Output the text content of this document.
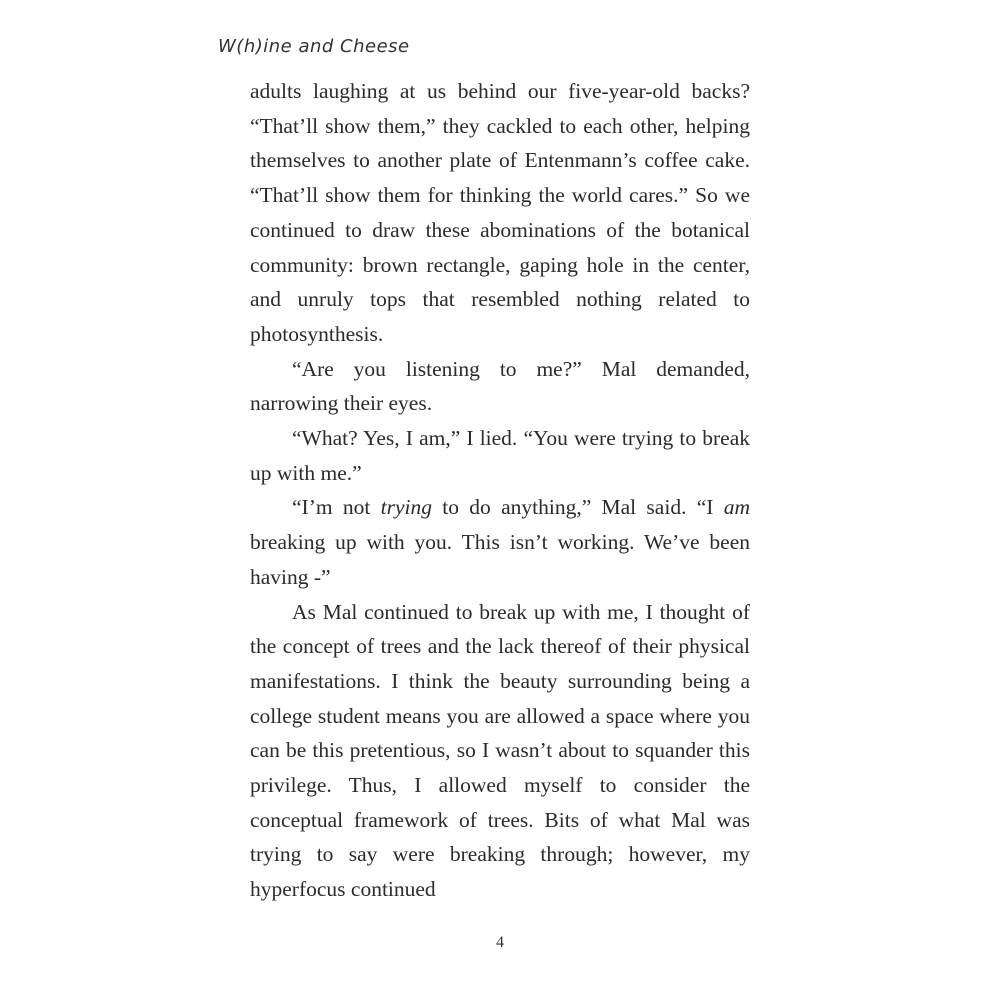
W(h)ine and Cheese

adults laughing at us behind our five-year-old backs? “That’ll show them,” they cackled to each other, helping themselves to another plate of Entenmann’s coffee cake. “That’ll show them for thinking the world cares.” So we continued to draw these abominations of the botanical community: brown rectangle, gaping hole in the center, and unruly tops that resembled nothing related to photosynthesis.

“Are you listening to me?” Mal demanded, narrowing their eyes.

“What? Yes, I am,” I lied. “You were trying to break up with me.”

“I’m not trying to do anything,” Mal said. “I am breaking up with you. This isn’t working. We’ve been having -”

As Mal continued to break up with me, I thought of the concept of trees and the lack thereof of their physical manifestations. I think the beauty surrounding being a college student means you are allowed a space where you can be this pretentious, so I wasn’t about to squander this privilege. Thus, I allowed myself to consider the conceptual framework of trees. Bits of what Mal was trying to say were breaking through; however, my hyperfocus continued

4
